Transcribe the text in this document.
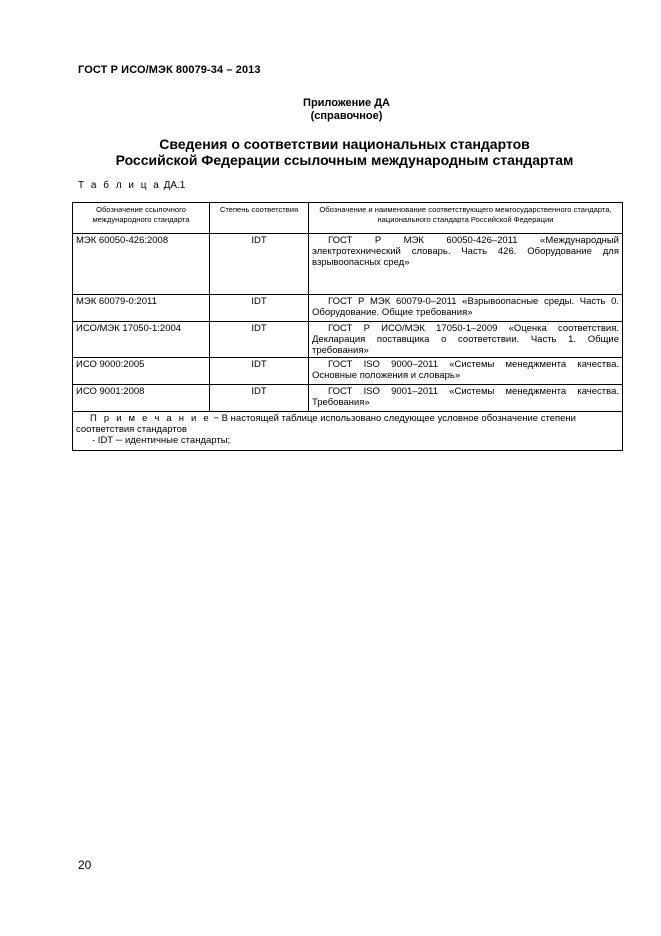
ГОСТ Р ИСО/МЭК 80079-34 – 2013
Приложение ДА
(справочное)
Сведения о соответствии национальных стандартов
Российской Федерации ссылочным международным стандартам
Т а б л и ц а ДА.1
Обозначение ссылочного международного стандарта	Степень соответствия	Обозначение и наименование соответствующего межгосударственного стандарта, национального стандарта Российской Федерации
МЭК 60050-426:2008	IDT	ГОСТ Р МЭК 60050-426–2011 «Международный электротехнический словарь. Часть 426. Оборудование для взрывоопасных сред»
МЭК 60079-0:2011	IDT	ГОСТ Р МЭК 60079-0–2011 «Взрывоопасные среды. Часть 0. Оборудование. Общие требования»
ИСО/МЭК 17050-1:2004	IDT	ГОСТ Р ИСО/МЭК 17050-1–2009 «Оценка соответствия. Декларация поставщика о соответствии. Часть 1. Общие требования»
ИСО 9000:2005	IDT	ГОСТ ISO 9000–2011 «Системы менеджмента качества. Основные положения и словарь»
ИСО 9001:2008	IDT	ГОСТ ISO 9001–2011 «Системы менеджмента качества. Требования»
П р и м е ч а н и е − В настоящей таблице использовано следующее условное обозначение степени соответствия стандартов
- IDT ─ идентичные стандарты;		
20
